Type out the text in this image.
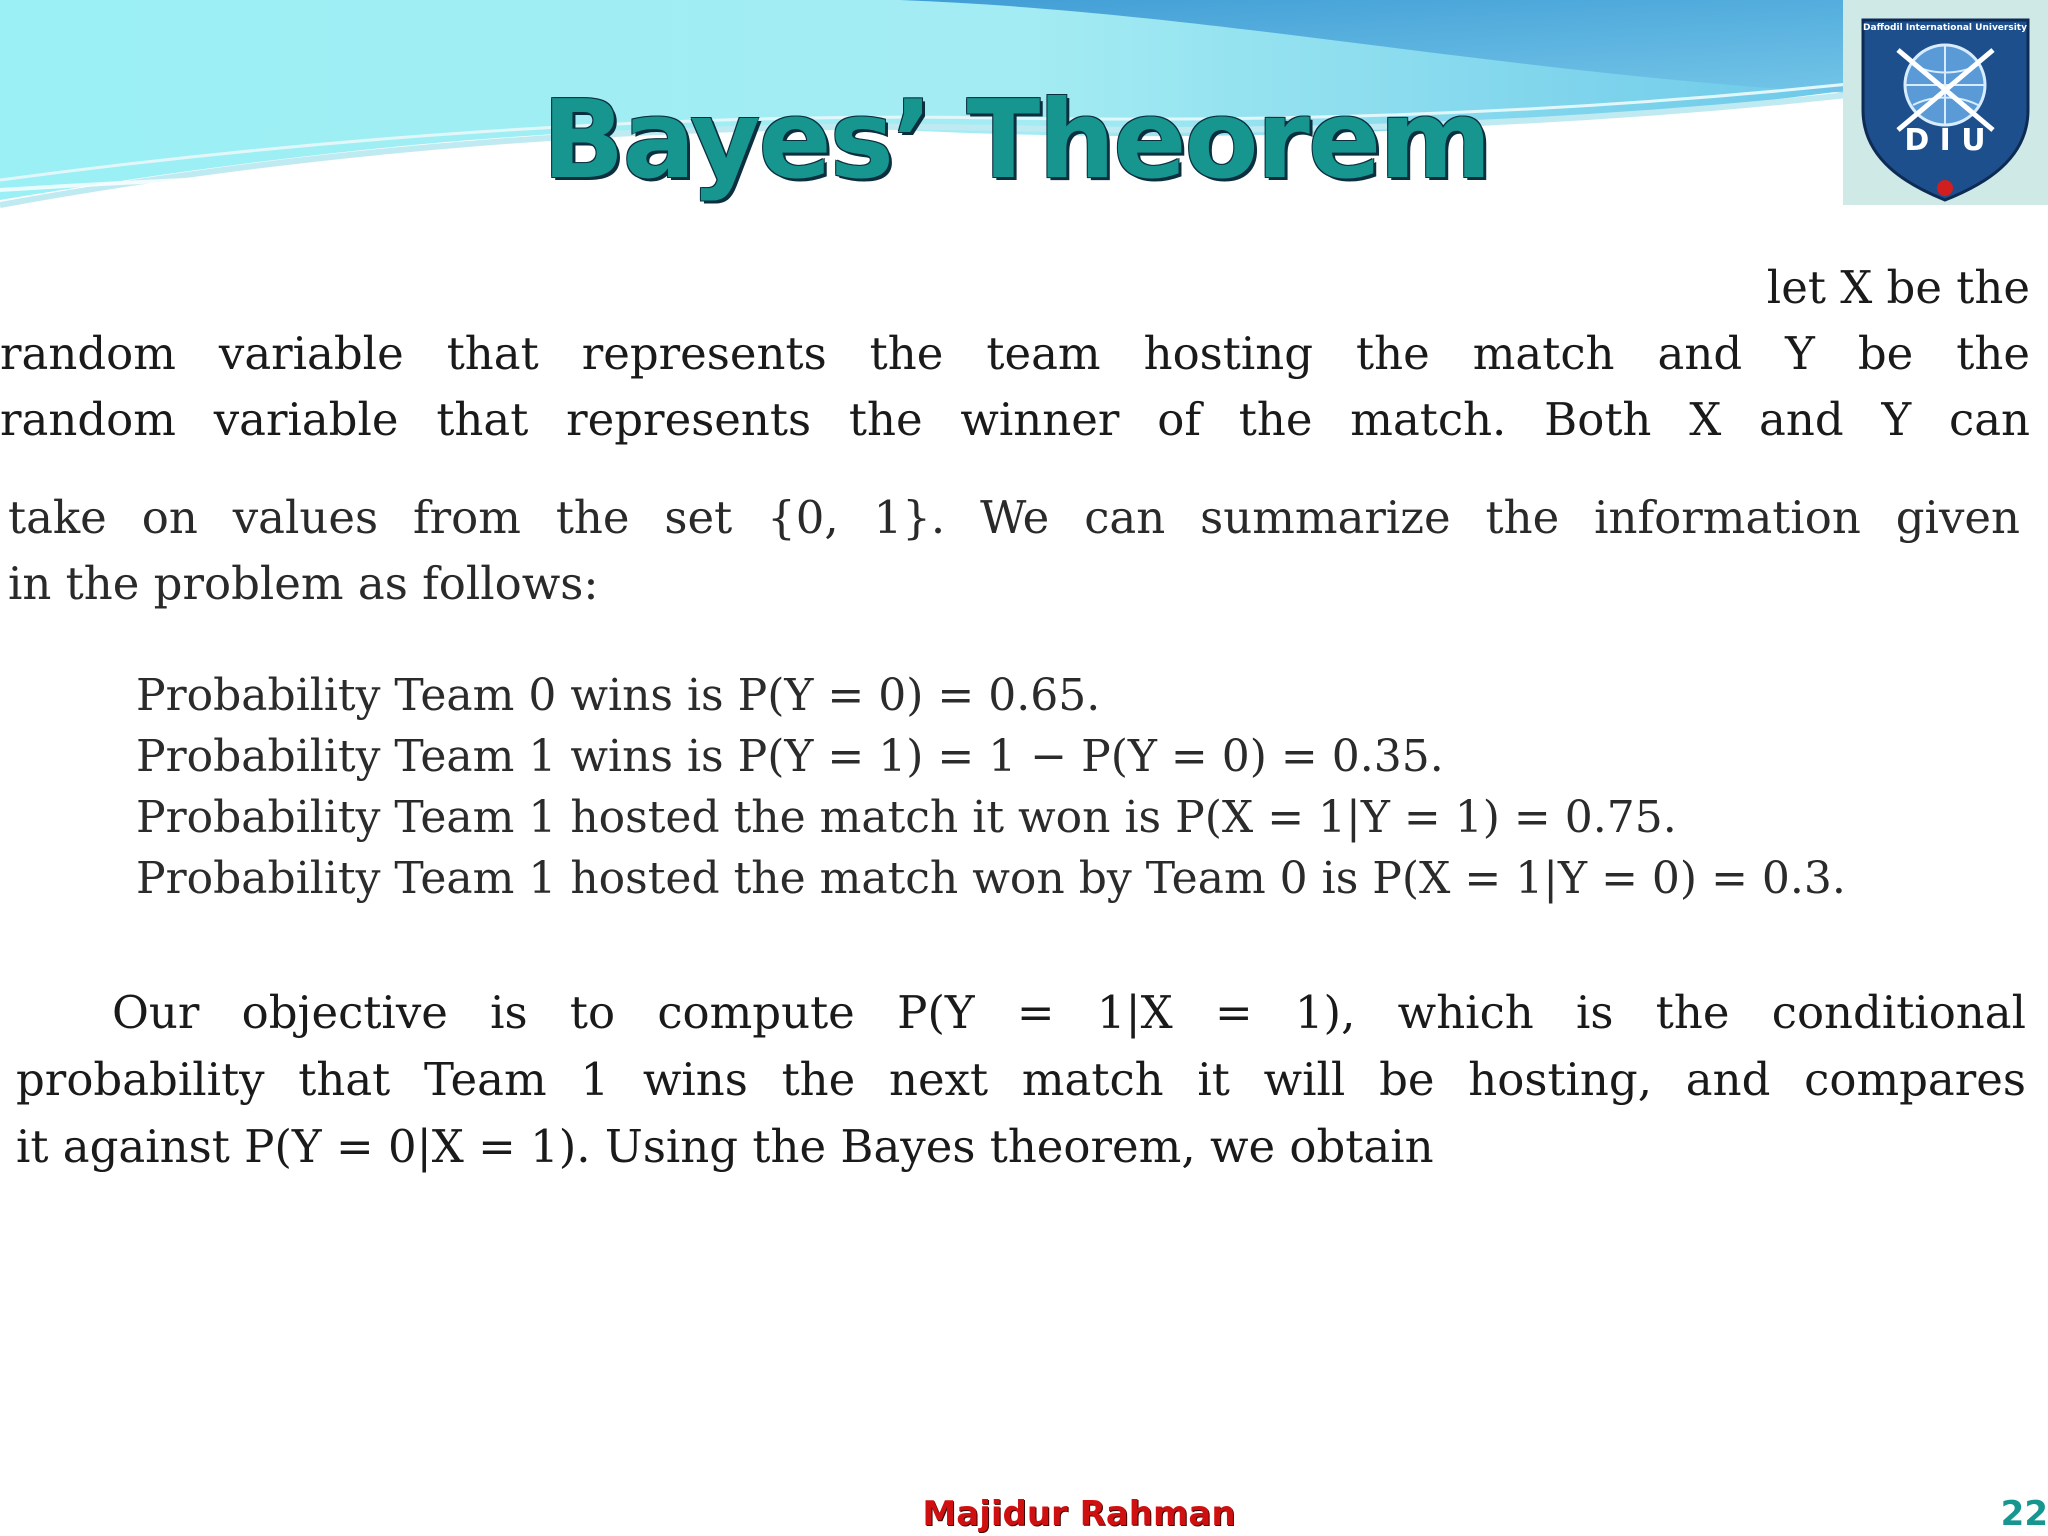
Bayes’ Theorem
Daffodil International University
D I U
let X be the
random variable that represents the team hosting the match and Y be the
random variable that represents the winner of the match. Both X and Y can
take on values from the set {0, 1}. We can summarize the information given
in the problem as follows:
Probability Team 0 wins is P(Y = 0) = 0.65.
Probability Team 1 wins is P(Y = 1) = 1 − P(Y = 0) = 0.35.
Probability Team 1 hosted the match it won is P(X = 1|Y = 1) = 0.75.
Probability Team 1 hosted the match won by Team 0 is P(X = 1|Y = 0) = 0.3.
Our objective is to compute P(Y = 1|X = 1), which is the conditional
probability that Team 1 wins the next match it will be hosting, and compares
it against P(Y = 0|X = 1). Using the Bayes theorem, we obtain
Majidur Rahman	22
